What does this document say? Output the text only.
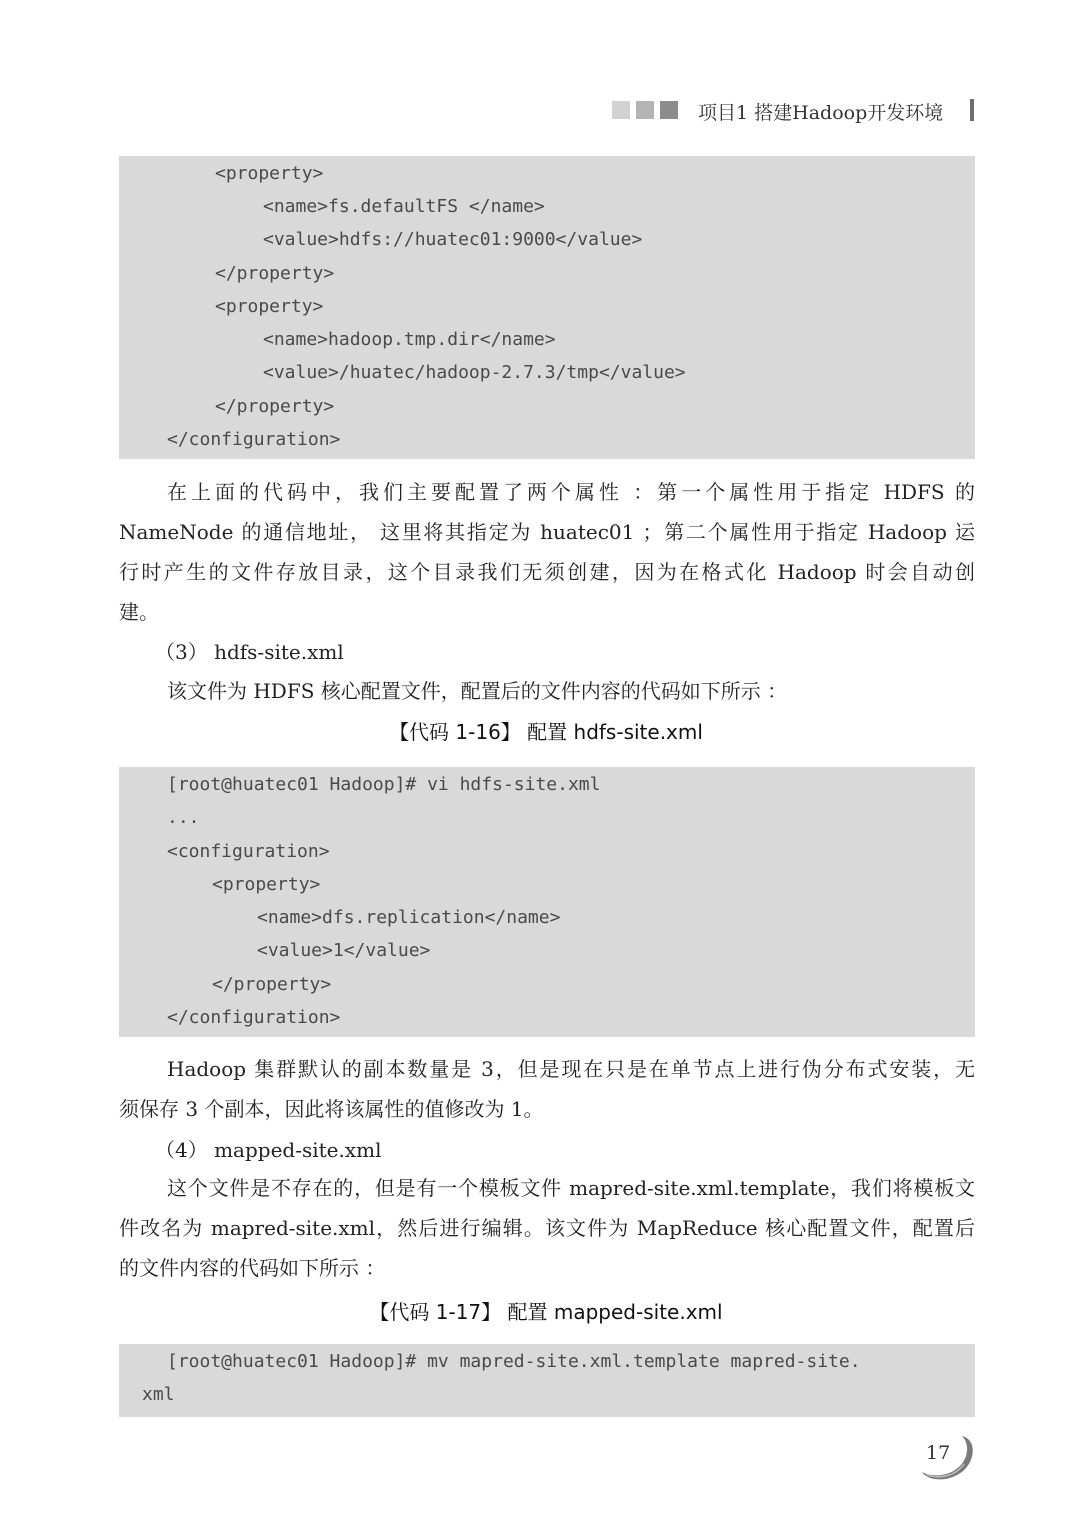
项目1 搭建Hadoop开发环境
<property>
<name>fs.defaultFS </name>
<value>hdfs://huatec01:9000</value>
</property>
<property>
<name>hadoop.tmp.dir</name>
<value>/huatec/hadoop-2.7.3/tmp</value>
</property>
</configuration>
在上面的代码中，我们主要配置了两个属性 ：第一个属性用于指定 HDFS 的
NameNode 的通信地址， 这里将其指定为 huatec01 ；第二个属性用于指定 Hadoop 运
行时产生的文件存放目录，这个目录我们无须创建，因为在格式化 Hadoop 时会自动创
建。
（3） hdfs-site.xml
该文件为 HDFS 核心配置文件，配置后的文件内容的代码如下所示 ：
【代码 1-16】 配置 hdfs-site.xml
[root@huatec01 Hadoop]# vi hdfs-site.xml
...
<configuration>
<property>
<name>dfs.replication</name>
<value>1</value>
</property>
</configuration>
Hadoop 集群默认的副本数量是 3，但是现在只是在单节点上进行伪分布式安装，无
须保存 3 个副本，因此将该属性的值修改为 1。
（4） mapped-site.xml
这个文件是不存在的，但是有一个模板文件 mapred-site.xml.template，我们将模板文
件改名为 mapred-site.xml，然后进行编辑。该文件为 MapReduce 核心配置文件，配置后
的文件内容的代码如下所示 ：
【代码 1-17】 配置 mapped-site.xml
[root@huatec01 Hadoop]# mv mapred-site.xml.template mapred-site.
xml
17
